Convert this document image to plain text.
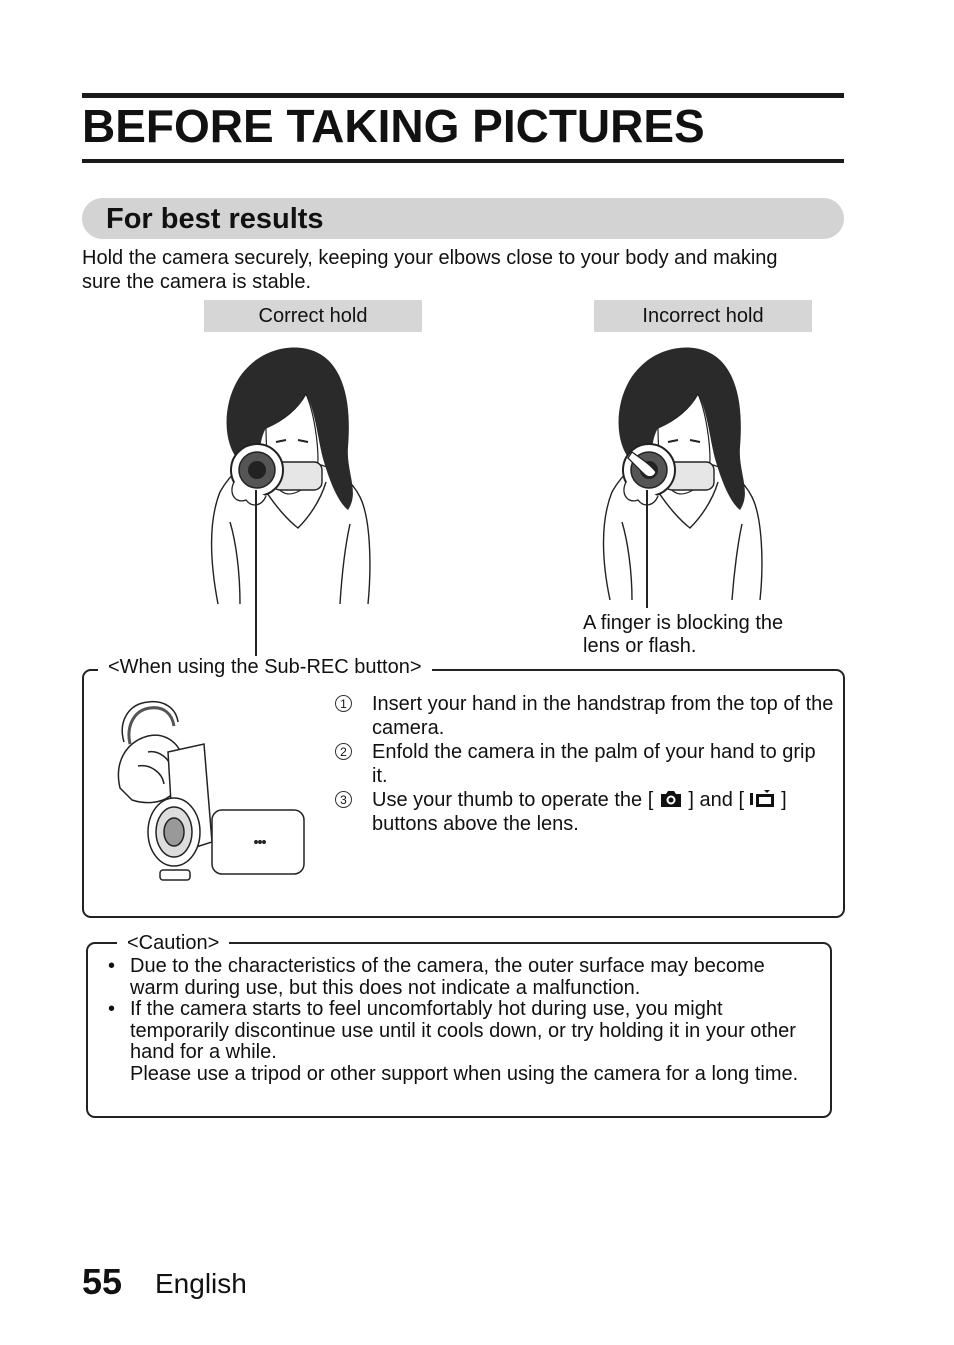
BEFORE TAKING PICTURES
For best results

Hold the camera securely, keeping your elbows close to your body and making sure the camera is stable.

Correct hold	Incorrect hold
A finger is blocking the
lens or flash.
<When using the Sub-REC button>
1 Insert your hand in the handstrap from the top of the camera.
2 Enfold the camera in the palm of your hand to grip it.
3 Use your thumb to operate the [ ] and [ ] buttons above the lens.
<Caution>
• Due to the characteristics of the camera, the outer surface may become warm during use, but this does not indicate a malfunction.
• If the camera starts to feel uncomfortably hot during use, you might temporarily discontinue use until it cools down, or try holding it in your other hand for a while.
Please use a tripod or other support when using the camera for a long time.
55 English
